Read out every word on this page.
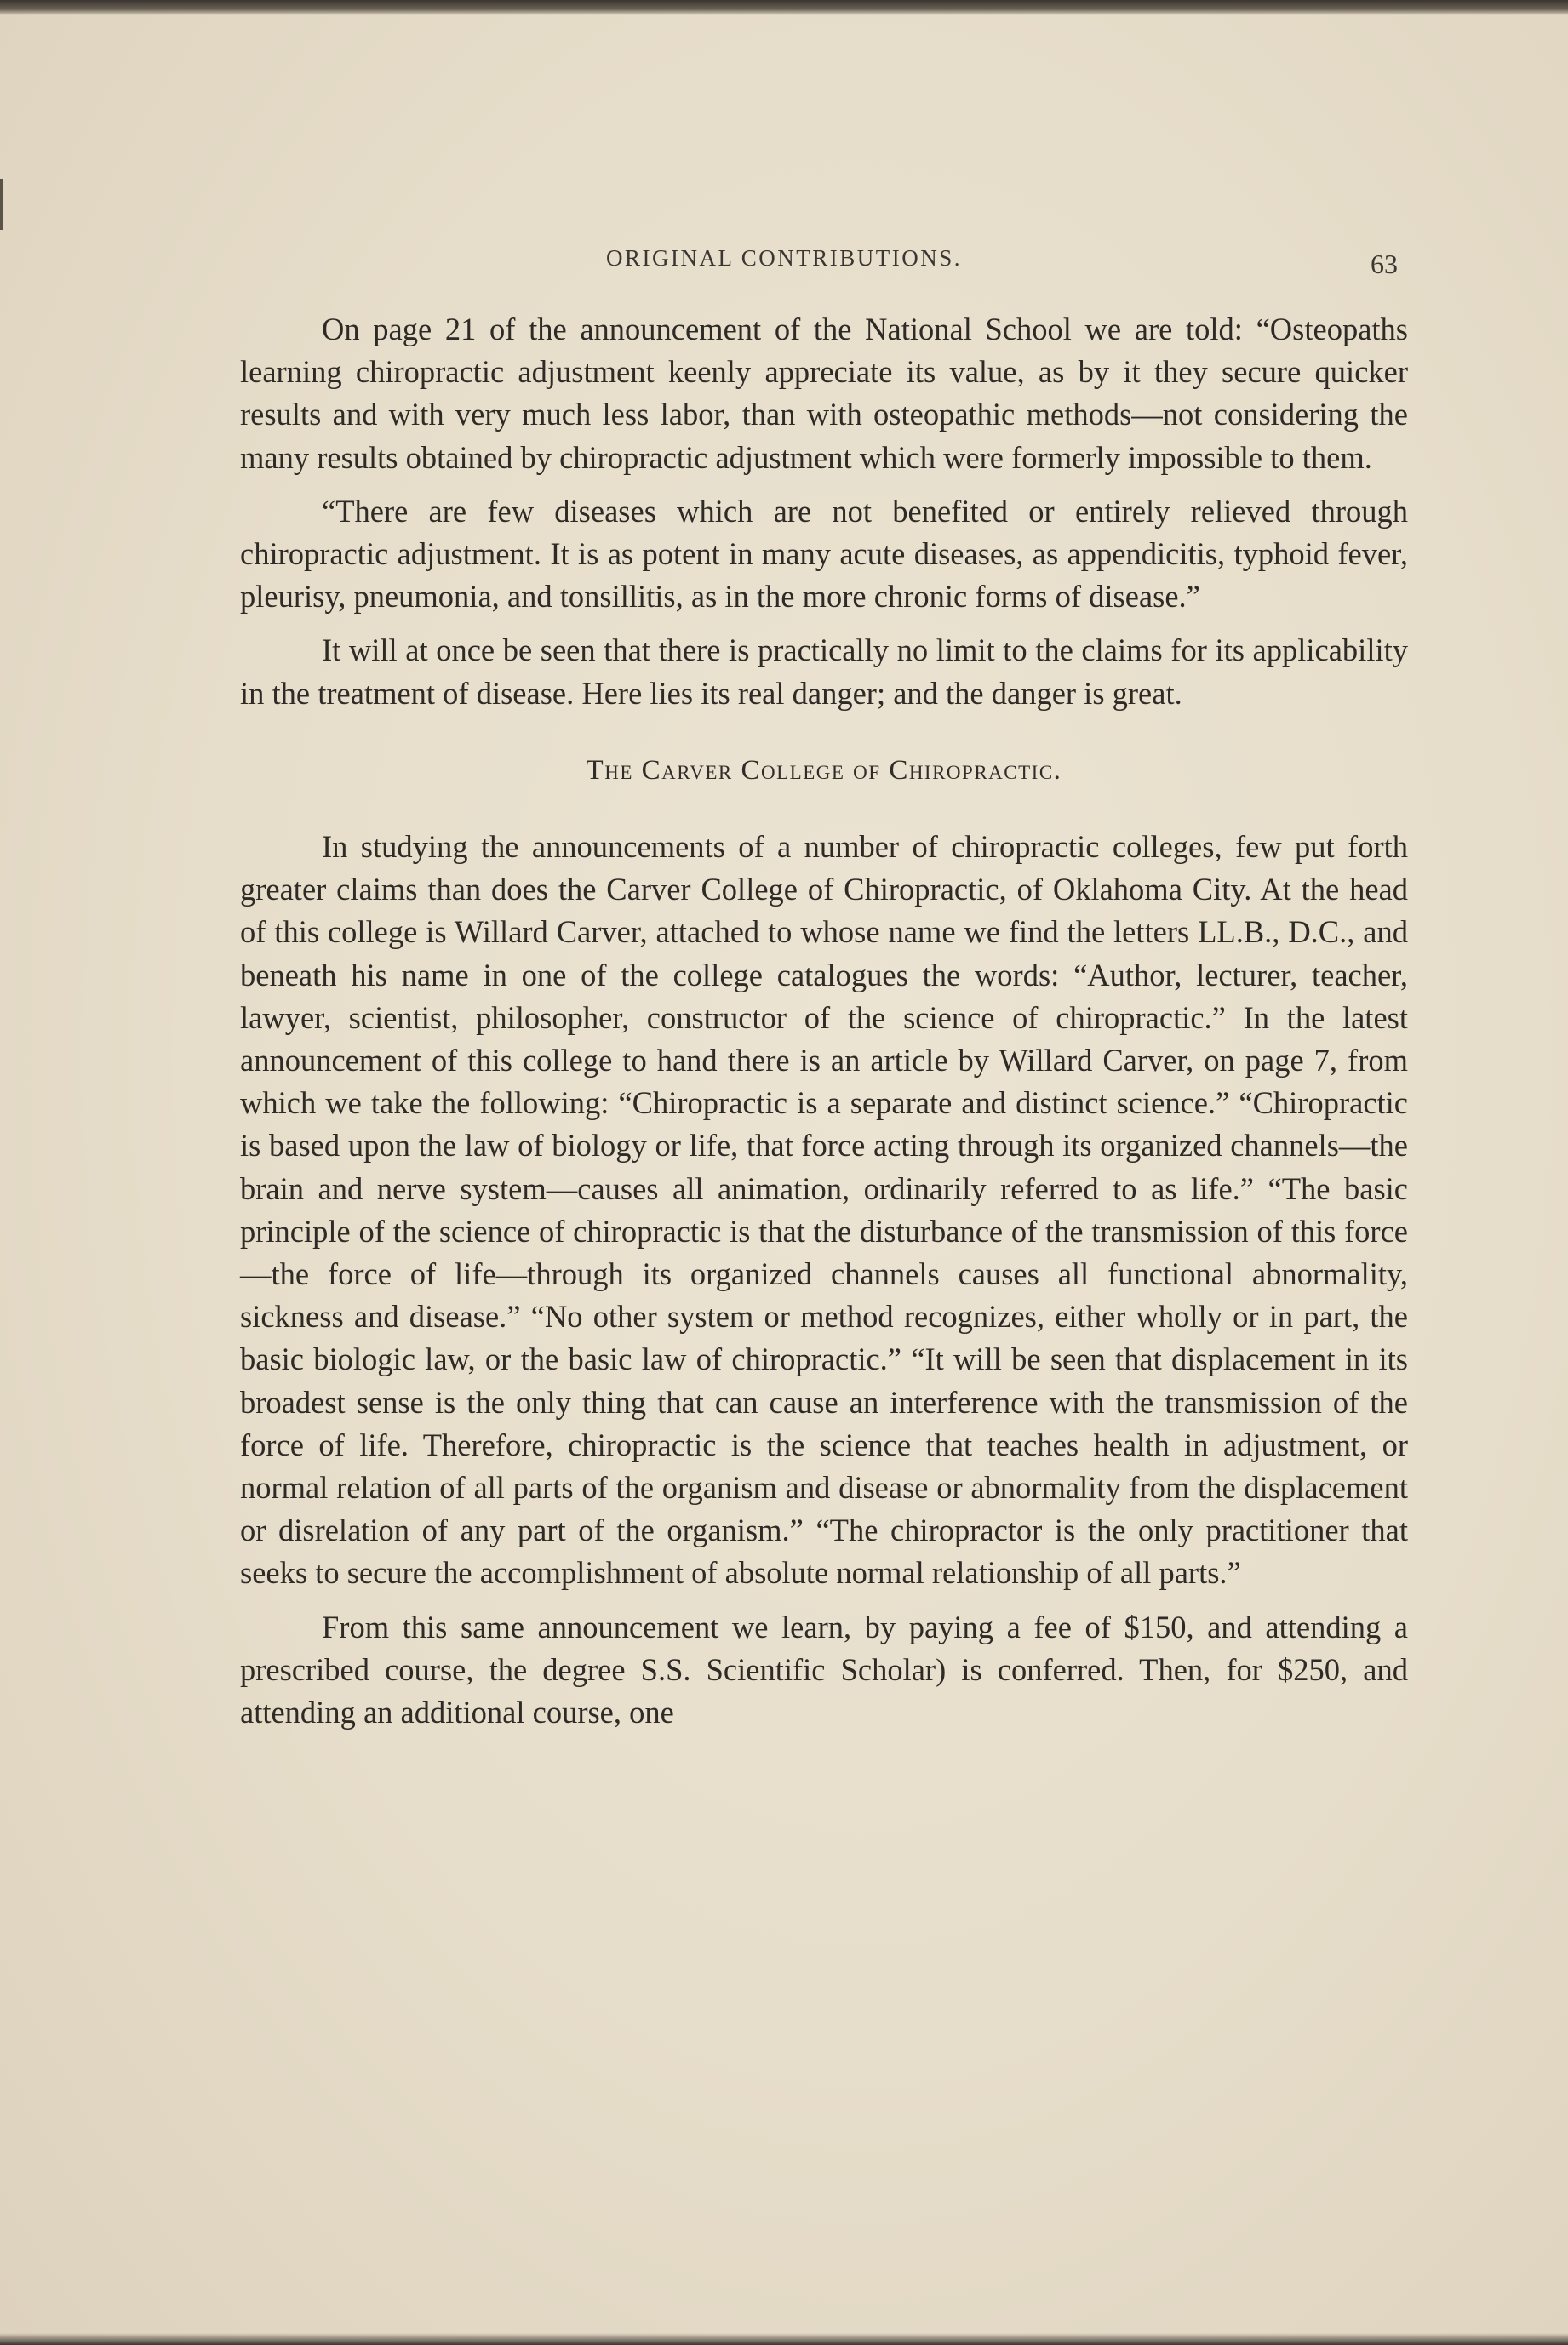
ORIGINAL CONTRIBUTIONS.	63

On page 21 of the announcement of the National School we are told: “Osteopaths learning chiropractic adjustment keenly appreciate its value, as by it they secure quicker results and with very much less labor, than with osteopathic methods—not considering the many results obtained by chiropractic adjustment which were formerly impossible to them.

“There are few diseases which are not benefited or entirely relieved through chiropractic adjustment. It is as potent in many acute diseases, as appendicitis, typhoid fever, pleurisy, pneumonia, and tonsillitis, as in the more chronic forms of disease.”

It will at once be seen that there is practically no limit to the claims for its applicability in the treatment of disease. Here lies its real danger; and the danger is great.

The Carver College of Chiropractic.

In studying the announcements of a number of chiropractic colleges, few put forth greater claims than does the Carver College of Chiropractic, of Oklahoma City. At the head of this college is Willard Carver, attached to whose name we find the letters LL.B., D.C., and beneath his name in one of the college catalogues the words: “Author, lecturer, teacher, lawyer, scientist, philosopher, constructor of the science of chiropractic.” In the latest announcement of this college to hand there is an article by Willard Carver, on page 7, from which we take the following: “Chiropractic is a separate and distinct science.” “Chiropractic is based upon the law of biology or life, that force acting through its organized channels—the brain and nerve system—causes all animation, ordinarily referred to as life.” “The basic principle of the science of chiropractic is that the disturbance of the transmission of this force —the force of life—through its organized channels causes all functional abnormality, sickness and disease.” “No other system or method recognizes, either wholly or in part, the basic biologic law, or the basic law of chiropractic.” “It will be seen that displacement in its broadest sense is the only thing that can cause an interference with the transmission of the force of life. Therefore, chiropractic is the science that teaches health in adjustment, or normal relation of all parts of the organism and disease or abnormality from the displacement or disrelation of any part of the organism.” “The chiropractor is the only practitioner that seeks to secure the accomplishment of absolute normal relationship of all parts.”

From this same announcement we learn, by paying a fee of $150, and attending a prescribed course, the degree S.S. Scientific Scholar) is conferred. Then, for $250, and attending an additional course, one
